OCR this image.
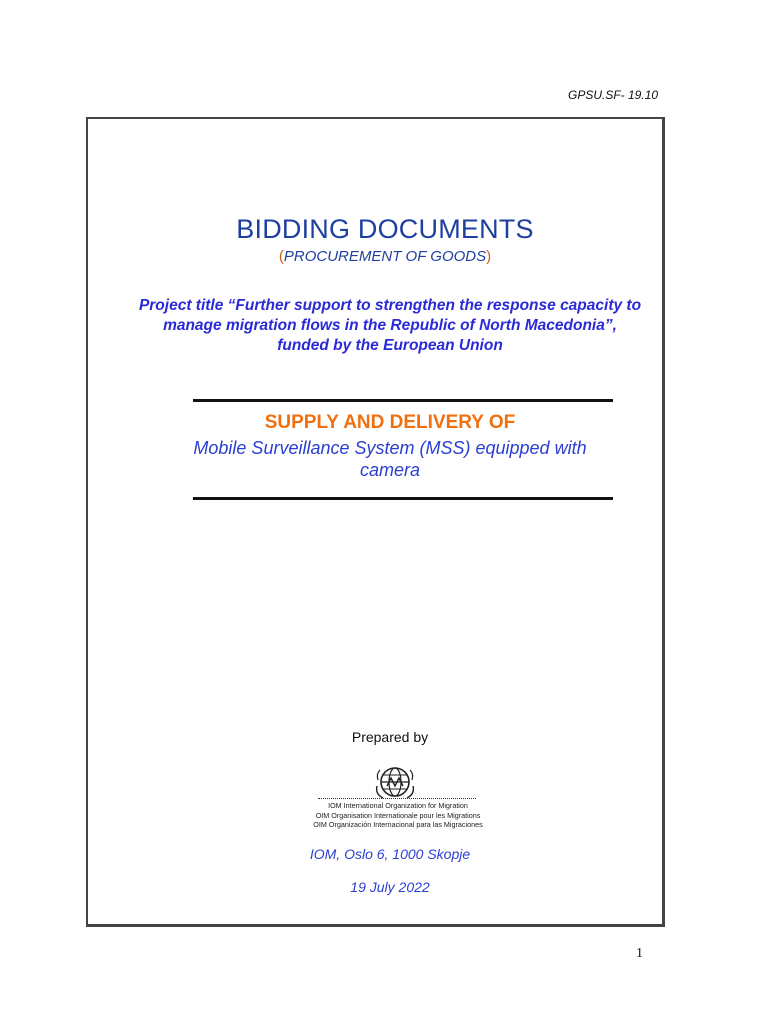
GPSU.SF- 19.10
BIDDING DOCUMENTS
(PROCUREMENT OF GOODS)
Project title “Further support to strengthen the response capacity to
manage migration flows in the Republic of North Macedonia”,
funded by the European Union
SUPPLY AND DELIVERY OF
Mobile Surveillance System (MSS) equipped with
camera
Prepared by
IOM International Organization for Migration
OIM Organisation Internationale pour les Migrations
OIM Organización Internacional para las Migraciones
IOM, Oslo 6, 1000 Skopje
19 July 2022
1
